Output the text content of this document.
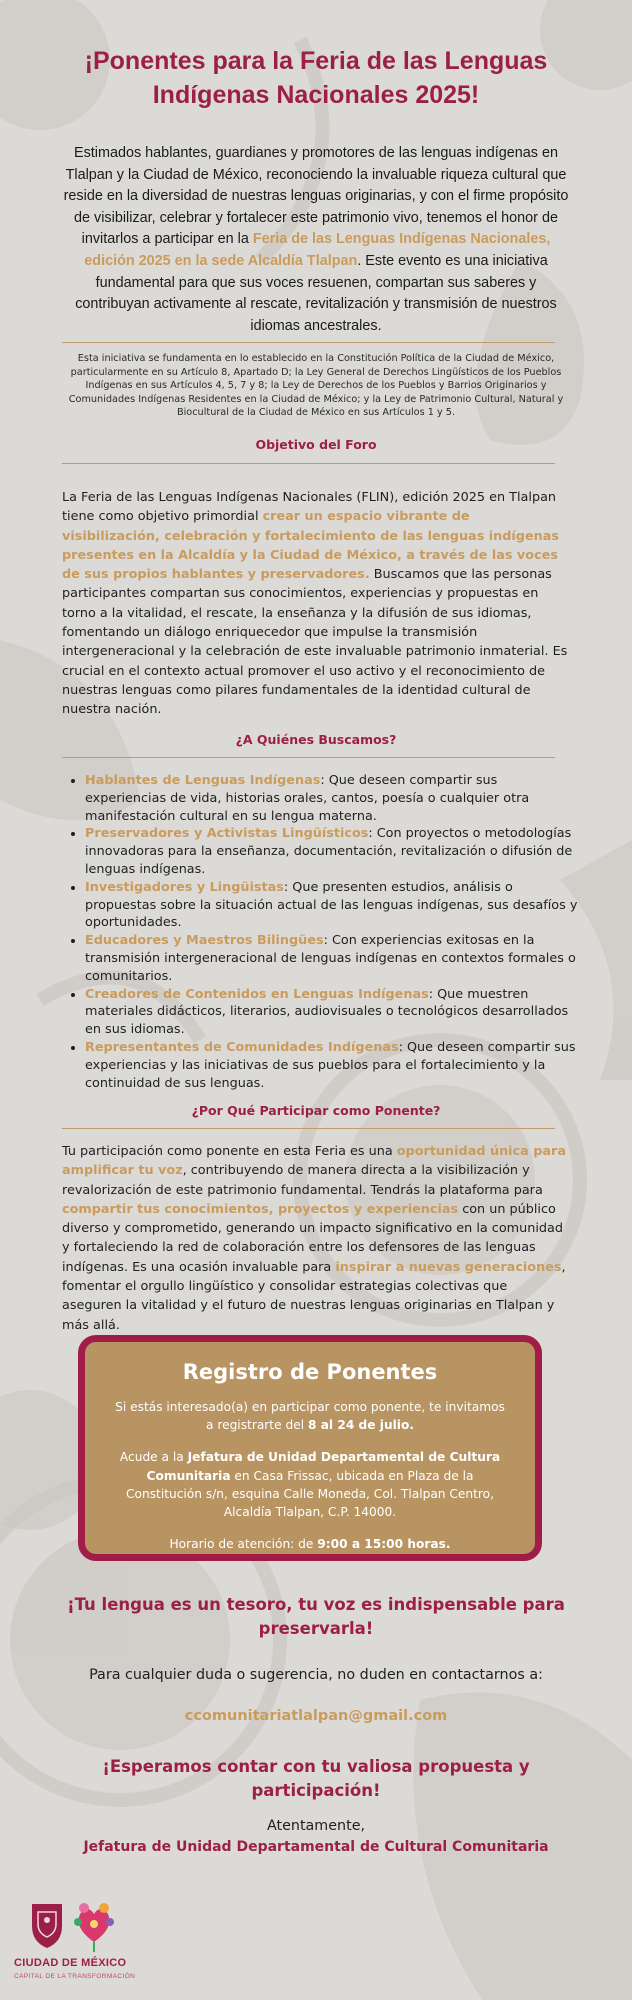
¡Ponentes para la Feria de las Lenguas Indígenas Nacionales 2025!

Estimados hablantes, guardianes y promotores de las lenguas indígenas en Tlalpan y la Ciudad de México, reconociendo la invaluable riqueza cultural que reside en la diversidad de nuestras lenguas originarias, y con el firme propósito de visibilizar, celebrar y fortalecer este patrimonio vivo, tenemos el honor de invitarlos a participar en la Feria de las Lenguas Indígenas Nacionales, edición 2025 en la sede Alcaldía Tlalpan. Este evento es una iniciativa fundamental para que sus voces resuenen, compartan sus saberes y contribuyan activamente al rescate, revitalización y transmisión de nuestros idiomas ancestrales.

Esta iniciativa se fundamenta en lo establecido en la Constitución Política de la Ciudad de México, particularmente en su Artículo 8, Apartado D; la Ley General de Derechos Lingüísticos de los Pueblos Indígenas en sus Artículos 4, 5, 7 y 8; la Ley de Derechos de los Pueblos y Barrios Originarios y Comunidades Indígenas Residentes en la Ciudad de México; y la Ley de Patrimonio Cultural, Natural y Biocultural de la Ciudad de México en sus Artículos 1 y 5.

Objetivo del Foro

La Feria de las Lenguas Indígenas Nacionales (FLIN), edición 2025 en Tlalpan tiene como objetivo primordial crear un espacio vibrante de visibilización, celebración y fortalecimiento de las lenguas indígenas presentes en la Alcaldía y la Ciudad de México, a través de las voces de sus propios hablantes y preservadores. Buscamos que las personas participantes compartan sus conocimientos, experiencias y propuestas en torno a la vitalidad, el rescate, la enseñanza y la difusión de sus idiomas, fomentando un diálogo enriquecedor que impulse la transmisión intergeneracional y la celebración de este invaluable patrimonio inmaterial. Es crucial en el contexto actual promover el uso activo y el reconocimiento de nuestras lenguas como pilares fundamentales de la identidad cultural de nuestra nación.

¿A Quiénes Buscamos?
• Hablantes de Lenguas Indígenas: Que deseen compartir sus experiencias de vida, historias orales, cantos, poesía o cualquier otra manifestación cultural en su lengua materna.
• Preservadores y Activistas Lingüísticos: Con proyectos o metodologías innovadoras para la enseñanza, documentación, revitalización o difusión de lenguas indígenas.
• Investigadores y Lingüistas: Que presenten estudios, análisis o propuestas sobre la situación actual de las lenguas indígenas, sus desafíos y oportunidades.
• Educadores y Maestros Bilingües: Con experiencias exitosas en la transmisión intergeneracional de lenguas indígenas en contextos formales o comunitarios.
• Creadores de Contenidos en Lenguas Indígenas: Que muestren materiales didácticos, literarios, audiovisuales o tecnológicos desarrollados en sus idiomas.
• Representantes de Comunidades Indígenas: Que deseen compartir sus experiencias y las iniciativas de sus pueblos para el fortalecimiento y la continuidad de sus lenguas.
¿Por Qué Participar como Ponente?

Tu participación como ponente en esta Feria es una oportunidad única para amplificar tu voz, contribuyendo de manera directa a la visibilización y revalorización de este patrimonio fundamental. Tendrás la plataforma para compartir tus conocimientos, proyectos y experiencias con un público diverso y comprometido, generando un impacto significativo en la comunidad y fortaleciendo la red de colaboración entre los defensores de las lenguas indígenas. Es una ocasión invaluable para inspirar a nuevas generaciones, fomentar el orgullo lingüístico y consolidar estrategias colectivas que aseguren la vitalidad y el futuro de nuestras lenguas originarias en Tlalpan y más allá.

Registro de Ponentes

Si estás interesado(a) en participar como ponente, te invitamos a registrarte del 8 al 24 de julio.

Acude a la Jefatura de Unidad Departamental de Cultura Comunitaria en Casa Frissac, ubicada en Plaza de la Constitución s/n, esquina Calle Moneda, Col. Tlalpan Centro, Alcaldía Tlalpan, C.P. 14000.

Horario de atención: de 9:00 a 15:00 horas.

¡Tu lengua es un tesoro, tu voz es indispensable para preservarla!

Para cualquier duda o sugerencia, no duden en contactarnos a:

ccomunitariatlalpan@gmail.com

¡Esperamos contar con tu valiosa propuesta y participación!

Atentamente,

Jefatura de Unidad Departamental de Cultural Comunitaria

CIUDAD DE MÉXICO

CAPITAL DE LA TRANSFORMACIÓN
